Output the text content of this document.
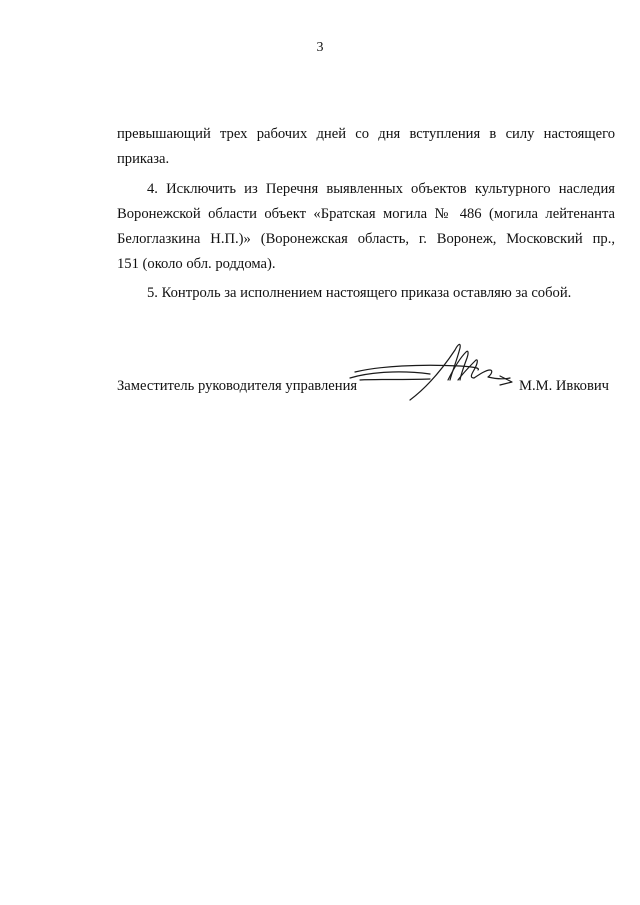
3
превышающий трех рабочих дней со дня вступления в силу настоящего
приказа.
4. Исключить из Перечня выявленных объектов культурного наследия
Воронежской области объект «Братская могила № 486 (могила лейтенанта
Белоглазкина Н.П.)» (Воронежская область, г. Воронеж, Московский пр.,
151 (около обл. роддома).
5. Контроль за исполнением настоящего приказа оставляю за собой.
Заместитель руководителя управления	М.М. Ивкович
